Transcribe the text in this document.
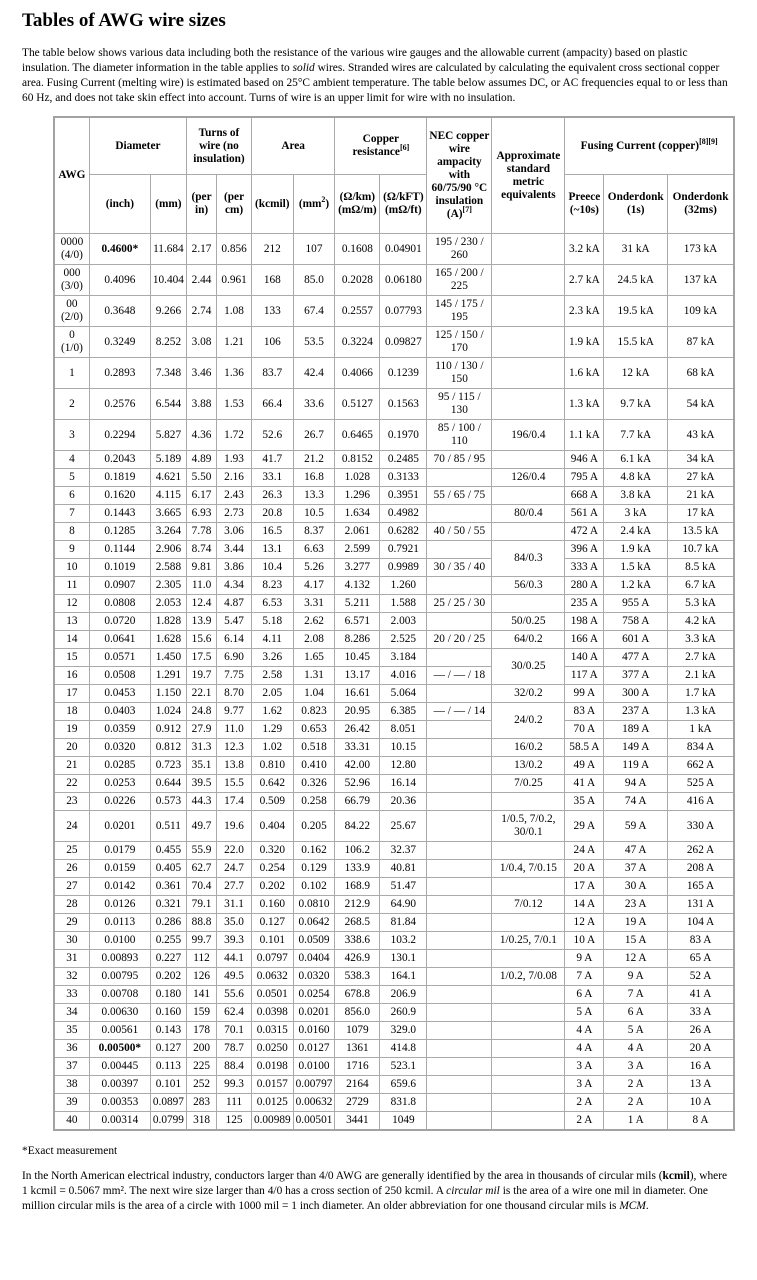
Tables of AWG wire sizes

The table below shows various data including both the resistance of the various wire gauges and the allowable current (ampacity) based on plastic insulation. The diameter information in the table applies to solid wires. Stranded wires are calculated by calculating the equivalent cross sectional copper area. Fusing Current (melting wire) is estimated based on 25°C ambient temperature. The table below assumes DC, or AC frequencies equal to or less than 60 Hz, and does not take skin effect into account. Turns of wire is an upper limit for wire with no insulation.

AWG	Diameter		Turns of wire (no insulation)		Area		Copper resistance[6]		NEC copper wire ampacity with 60/75/90 °C insulation (A)[7]	Approximate standard metric equivalents	Fusing Current (copper)[8][9]
	(inch)	(mm)	(per in)	(per cm)	(kcmil)	$(mm^2)$	(Ω/km) (mΩ/m)	(Ω/kFT) (mΩ/ft)			Preece (~10s)	Onderdonk (1s)	Onderdonk (32ms)
0000 (4/0)	0.4600*	11.684	2.17	0.856	212	107	0.1608	0.04901	195 / 230 / 260		3.2 kA	31 kA	173 kA
000 (3/0)	0.4096	10.404	2.44	0.961	168	85.0	0.2028	0.06180	165 / 200 / 225		2.7 kA	24.5 kA	137 kA
00 (2/0)	0.3648	9.266	2.74	1.08	133	67.4	0.2557	0.07793	145 / 175 / 195		2.3 kA	19.5 kA	109 kA
0 (1/0)	0.3249	8.252	3.08	1.21	106	53.5	0.3224	0.09827	125 / 150 / 170		1.9 kA	15.5 kA	87 kA
1	0.2893	7.348	3.46	1.36	83.7	42.4	0.4066	0.1239	110 / 130 / 150		1.6 kA	12 kA	68 kA
2	0.2576	6.544	3.88	1.53	66.4	33.6	0.5127	0.1563	95 / 115 / 130		1.3 kA	9.7 kA	54 kA
3	0.2294	5.827	4.36	1.72	52.6	26.7	0.6465	0.1970	85 / 100 / 110	196/0.4	1.1 kA	7.7 kA	43 kA
4	0.2043	5.189	4.89	1.93	41.7	21.2	0.8152	0.2485	70 / 85 / 95		946 A	6.1 kA	34 kA
5	0.1819	4.621	5.50	2.16	33.1	16.8	1.028	0.3133		126/0.4	795 A	4.8 kA	27 kA
6	0.1620	4.115	6.17	2.43	26.3	13.3	1.296	0.3951	55 / 65 / 75		668 A	3.8 kA	21 kA
7	0.1443	3.665	6.93	2.73	20.8	10.5	1.634	0.4982		80/0.4	561 A	3 kA	17 kA
8	0.1285	3.264	7.78	3.06	16.5	8.37	2.061	0.6282	40 / 50 / 55		472 A	2.4 kA	13.5 kA
9	0.1144	2.906	8.74	3.44	13.1	6.63	2.599	0.7921		84/0.3	396 A	1.9 kA	10.7 kA
10	0.1019	2.588	9.81	3.86	10.4	5.26	3.277	0.9989	30 / 35 / 40		333 A	1.5 kA	8.5 kA
11	0.0907	2.305	11.0	4.34	8.23	4.17	4.132	1.260		56/0.3	280 A	1.2 kA	6.7 kA
12	0.0808	2.053	12.4	4.87	6.53	3.31	5.211	1.588	25 / 25 / 30		235 A	955 A	5.3 kA
13	0.0720	1.828	13.9	5.47	5.18	2.62	6.571	2.003		50/0.25	198 A	758 A	4.2 kA
14	0.0641	1.628	15.6	6.14	4.11	2.08	8.286	2.525	20 / 20 / 25	64/0.2	166 A	601 A	3.3 kA
15	0.0571	1.450	17.5	6.90	3.26	1.65	10.45	3.184		30/0.25	140 A	477 A	2.7 kA
16	0.0508	1.291	19.7	7.75	2.58	1.31	13.17	4.016	— / — / 18		117 A	377 A	2.1 kA
17	0.0453	1.150	22.1	8.70	2.05	1.04	16.61	5.064		32/0.2	99 A	300 A	1.7 kA
18	0.0403	1.024	24.8	9.77	1.62	0.823	20.95	6.385	— / — / 14	24/0.2	83 A	237 A	1.3 kA
19	0.0359	0.912	27.9	11.0	1.29	0.653	26.42	8.051			70 A	189 A	1 kA
20	0.0320	0.812	31.3	12.3	1.02	0.518	33.31	10.15		16/0.2	58.5 A	149 A	834 A
21	0.0285	0.723	35.1	13.8	0.810	0.410	42.00	12.80		13/0.2	49 A	119 A	662 A
22	0.0253	0.644	39.5	15.5	0.642	0.326	52.96	16.14		7/0.25	41 A	94 A	525 A
23	0.0226	0.573	44.3	17.4	0.509	0.258	66.79	20.36			35 A	74 A	416 A
24	0.0201	0.511	49.7	19.6	0.404	0.205	84.22	25.67		1/0.5, 7/0.2, 30/0.1	29 A	59 A	330 A
25	0.0179	0.455	55.9	22.0	0.320	0.162	106.2	32.37			24 A	47 A	262 A
26	0.0159	0.405	62.7	24.7	0.254	0.129	133.9	40.81		1/0.4, 7/0.15	20 A	37 A	208 A
27	0.0142	0.361	70.4	27.7	0.202	0.102	168.9	51.47			17 A	30 A	165 A
28	0.0126	0.321	79.1	31.1	0.160	0.0810	212.9	64.90		7/0.12	14 A	23 A	131 A
29	0.0113	0.286	88.8	35.0	0.127	0.0642	268.5	81.84			12 A	19 A	104 A
30	0.0100	0.255	99.7	39.3	0.101	0.0509	338.6	103.2		1/0.25, 7/0.1	10 A	15 A	83 A
31	0.00893	0.227	112	44.1	0.0797	0.0404	426.9	130.1			9 A	12 A	65 A
32	0.00795	0.202	126	49.5	0.0632	0.0320	538.3	164.1		1/0.2, 7/0.08	7 A	9 A	52 A
33	0.00708	0.180	141	55.6	0.0501	0.0254	678.8	206.9			6 A	7 A	41 A
34	0.00630	0.160	159	62.4	0.0398	0.0201	856.0	260.9			5 A	6 A	33 A
35	0.00561	0.143	178	70.1	0.0315	0.0160	1079	329.0			4 A	5 A	26 A
36	0.00500*	0.127	200	78.7	0.0250	0.0127	1361	414.8			4 A	4 A	20 A
37	0.00445	0.113	225	88.4	0.0198	0.0100	1716	523.1			3 A	3 A	16 A
38	0.00397	0.101	252	99.3	0.0157	0.00797	2164	659.6			3 A	2 A	13 A
39	0.00353	0.0897	283	111	0.0125	0.00632	2729	831.8			2 A	2 A	10 A
40	0.00314	0.0799	318	125	0.00989	0.00501	3441	1049			2 A	1 A	8 A
*Exact measurement

In the North American electrical industry, conductors larger than 4/0 AWG are generally identified by the area in thousands of circular mils (kcmil), where 1 kcmil = 0.5067 mm². The next wire size larger than 4/0 has a cross section of 250 kcmil. A circular mil is the area of a wire one mil in diameter. One million circular mils is the area of a circle with 1000 mil = 1 inch diameter. An older abbreviation for one thousand circular mils is MCM.
